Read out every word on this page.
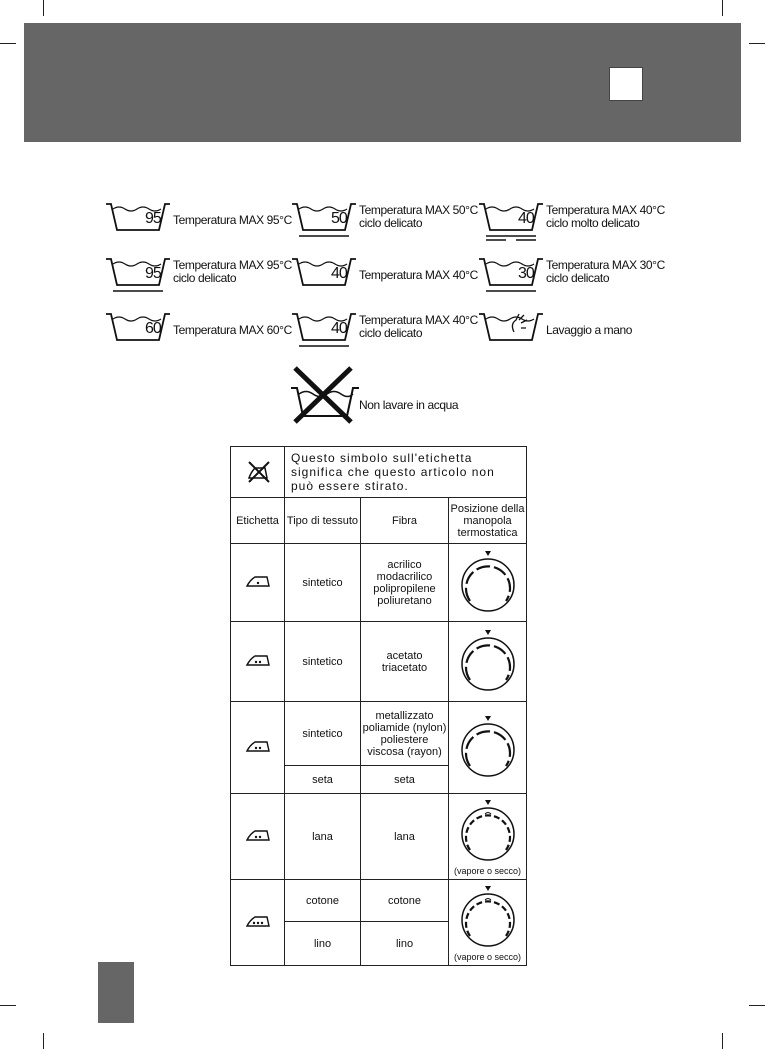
95 Temperatura MAX 95°C 50 Temperatura MAX 50°C
ciclo delicato	40 Temperatura MAX 40°C
ciclo molto delicato
95 Temperatura MAX 95°C
ciclo delicato	40 Temperatura MAX 40°C	30 Temperatura MAX 30°C
ciclo delicato
60 Temperatura MAX 60°C 40 Temperatura MAX 40°C
ciclo delicato	Lavaggio a mano
Non lavare in acqua
	Questo simbolo sull'etichetta significa che questo articolo non può essere stirato.		
Etichetta	Tipo di tessuto	Fibra	Posizione della manopola termostatica
	sintetico	acrilico
modacrilico
polipropilene
poliuretano

	sintetico	acetato
triacetato

	sintetico	metallizzato
poliamide (nylon)
poliestere
viscosa (rayon)

	seta	seta	
	lana	lana	(vapore o secco)

	cotone	cotone	(vapore o secco)

	lino	lino	
